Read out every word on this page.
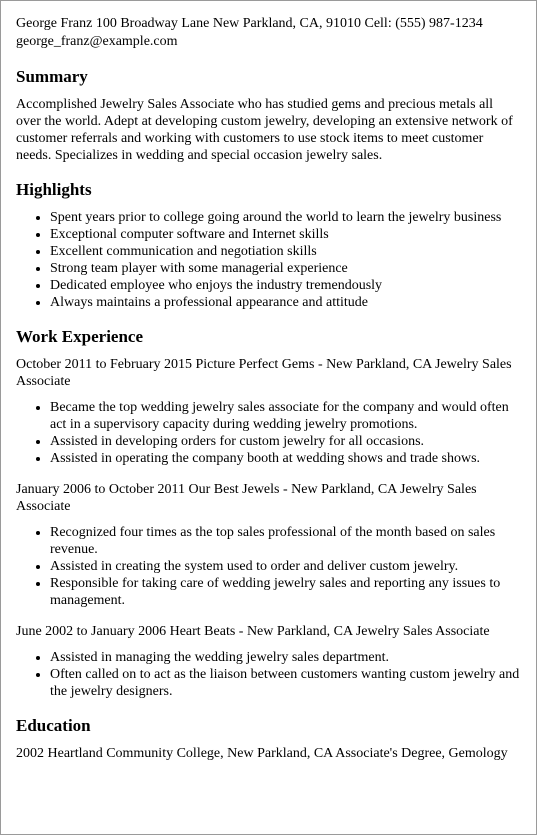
George Franz 100 Broadway Lane New Parkland, CA, 91010 Cell: (555) 987-1234

george_franz@example.com

Summary

Accomplished Jewelry Sales Associate who has studied gems and precious metals all over the world. Adept at developing custom jewelry, developing an extensive network of customer referrals and working with customers to use stock items to meet customer needs. Specializes in wedding and special occasion jewelry sales.

Highlights
• Spent years prior to college going around the world to learn the jewelry business
• Exceptional computer software and Internet skills
• Excellent communication and negotiation skills
• Strong team player with some managerial experience
• Dedicated employee who enjoys the industry tremendously
• Always maintains a professional appearance and attitude
Work Experience

October 2011 to February 2015 Picture Perfect Gems - New Parkland, CA Jewelry Sales Associate

• Became the top wedding jewelry sales associate for the company and would often act in a supervisory capacity during wedding jewelry promotions.
• Assisted in developing orders for custom jewelry for all occasions.
• Assisted in operating the company booth at wedding shows and trade shows.

January 2006 to October 2011 Our Best Jewels - New Parkland, CA Jewelry Sales Associate

• Recognized four times as the top sales professional of the month based on sales revenue.
• Assisted in creating the system used to order and deliver custom jewelry.
• Responsible for taking care of wedding jewelry sales and reporting any issues to management.

June 2002 to January 2006 Heart Beats - New Parkland, CA Jewelry Sales Associate

• Assisted in managing the wedding jewelry sales department.
• Often called on to act as the liaison between customers wanting custom jewelry and the jewelry designers.
Education

2002 Heartland Community College, New Parkland, CA Associate's Degree, Gemology
